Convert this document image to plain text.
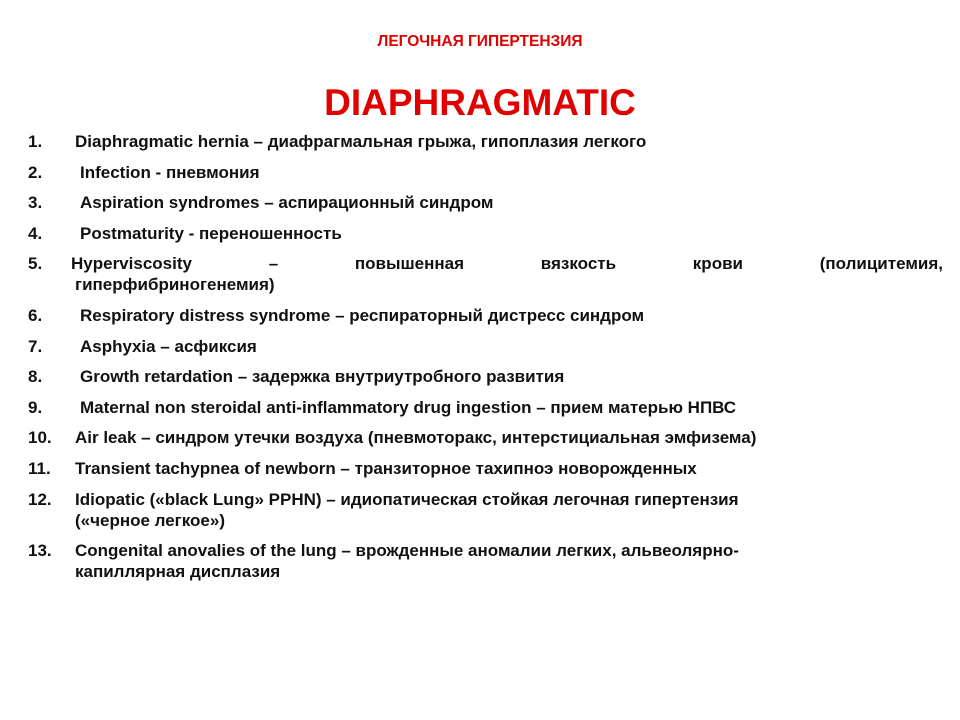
ЛЕГОЧНАЯ ГИПЕРТЕНЗИЯ
DIAPHRAGMATIC
1.	Diaphragmatic hernia – диафрагмальная грыжа, гипоплазия легкого
2.	Infection - пневмония
3.	Aspiration syndromes – аспирационный синдром
4.	Postmaturity - переношенность
5.	Hyperviscosity	–	повышенная	вязкость	крови	(полицитемия,
гиперфибриногенемия)
6.	Respiratory distress syndrome – респираторный дистресс синдром
7.	Asphyxia – асфиксия
8.	Growth retardation – задержка внутриутробного развития
9.	Maternal non steroidal anti-inflammatory drug ingestion – прием матерью НПВС
10.	Air leak – синдром утечки воздуха (пневмоторакс, интерстициальная эмфизема)
11.	Transient tachypnea of newborn – транзиторное тахипноэ новорожденных
12.	Idiopatic («black Lung» PPHN) – идиопатическая стойкая легочная гипертензия
(«черное легкое»)
13.	Congenital anovalies of the lung – врожденные аномалии легких, альвеолярно-
капиллярная дисплазия
